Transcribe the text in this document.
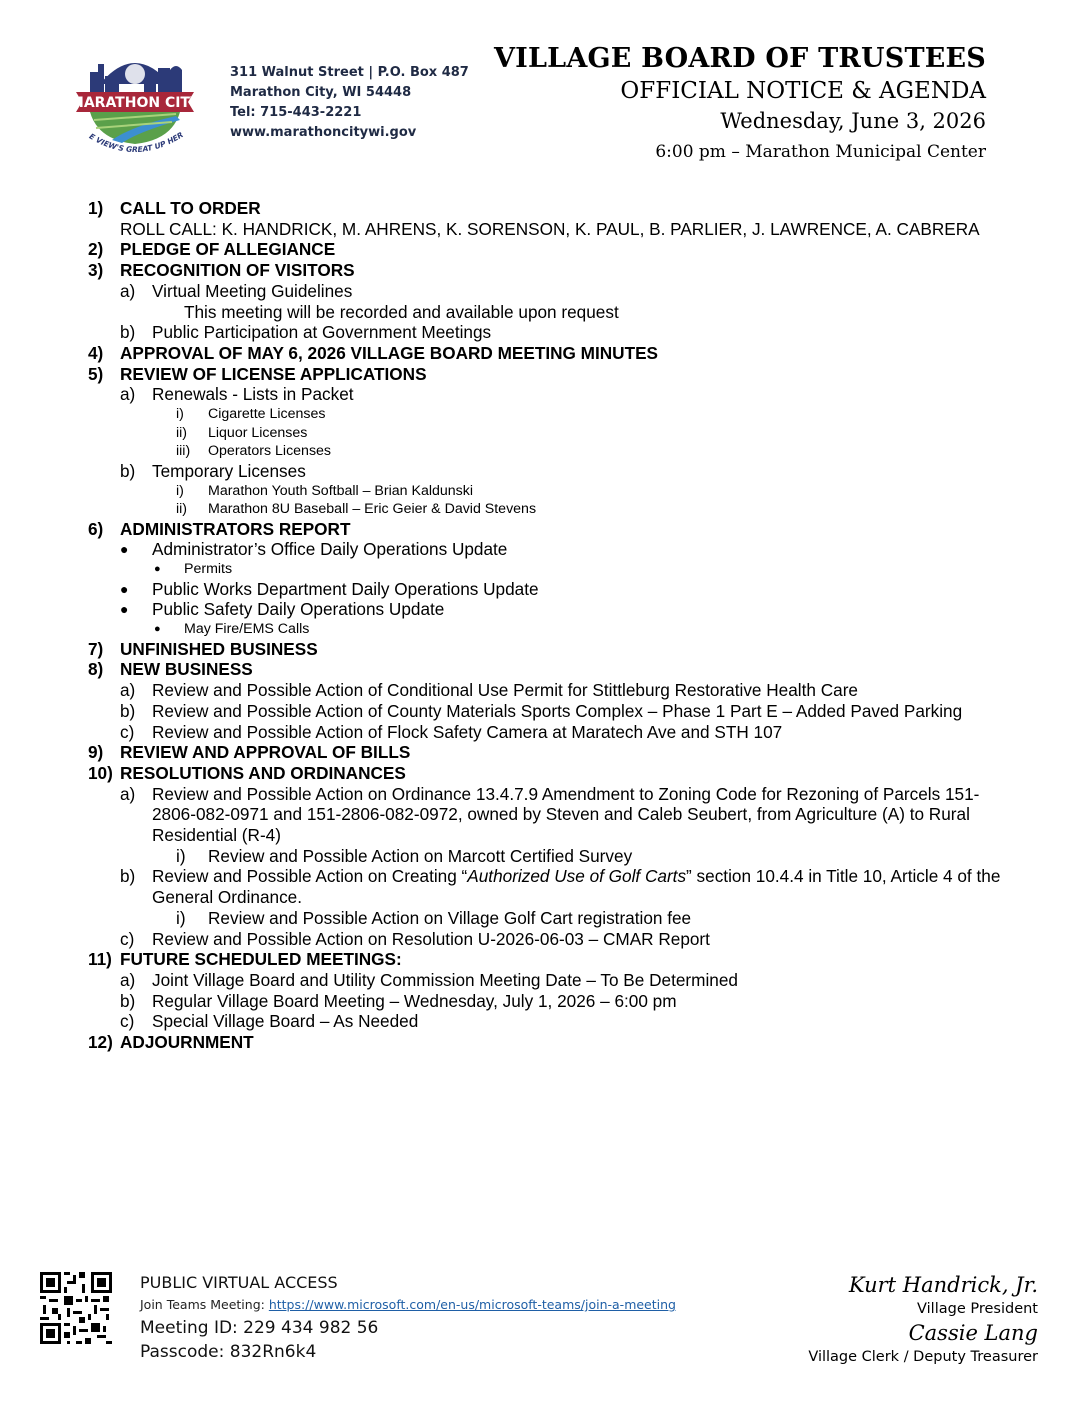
MARATHON CITY
E VIEW'S GREAT UP HER
311 Walnut Street | P.O. Box 487
Marathon City, WI 54448
Tel: 715-443-2221
www.marathoncitywi.gov
VILLAGE BOARD OF TRUSTEES
OFFICIAL NOTICE & AGENDA
Wednesday, June 3, 2026
6:00 pm – Marathon Municipal Center
1) CALL TO ORDER
ROLL CALL: K. HANDRICK, M. AHRENS, K. SORENSON, K. PAUL, B. PARLIER, J. LAWRENCE, A. CABRERA
2) PLEDGE OF ALLEGIANCE
3) RECOGNITION OF VISITORS
a) Virtual Meeting Guidelines
This meeting will be recorded and available upon request
b) Public Participation at Government Meetings
4) APPROVAL OF MAY 6, 2026 VILLAGE BOARD MEETING MINUTES
5) REVIEW OF LICENSE APPLICATIONS
a) Renewals - Lists in Packet
i) Cigarette Licenses
ii) Liquor Licenses
iii) Operators Licenses
b) Temporary Licenses
i) Marathon Youth Softball – Brian Kaldunski
ii) Marathon 8U Baseball – Eric Geier & David Stevens
6) ADMINISTRATORS REPORT
● Administrator’s Office Daily Operations Update
● Permits
● Public Works Department Daily Operations Update
● Public Safety Daily Operations Update
● May Fire/EMS Calls
7) UNFINISHED BUSINESS
8) NEW BUSINESS
a) Review and Possible Action of Conditional Use Permit for Stittleburg Restorative Health Care
b) Review and Possible Action of County Materials Sports Complex – Phase 1 Part E – Added Paved Parking
c) Review and Possible Action of Flock Safety Camera at Maratech Ave and STH 107
9) REVIEW AND APPROVAL OF BILLS
10) RESOLUTIONS AND ORDINANCES
a) Review and Possible Action on Ordinance 13.4.7.9 Amendment to Zoning Code for Rezoning of Parcels 151-2806-082-0971 and 151-2806-082-0972, owned by Steven and Caleb Seubert, from Agriculture (A) to Rural Residential (R-4)
i) Review and Possible Action on Marcott Certified Survey
b) Review and Possible Action on Creating “Authorized Use of Golf Carts” section 10.4.4 in Title 10, Article 4 of the General Ordinance.
i) Review and Possible Action on Village Golf Cart registration fee
c) Review and Possible Action on Resolution U-2026-06-03 – CMAR Report
11) FUTURE SCHEDULED MEETINGS:
a) Joint Village Board and Utility Commission Meeting Date – To Be Determined
b) Regular Village Board Meeting – Wednesday, July 1, 2026 – 6:00 pm
c) Special Village Board – As Needed
12) ADJOURNMENT
PUBLIC VIRTUAL ACCESS
Join Teams Meeting: https://www.microsoft.com/en-us/microsoft-teams/join-a-meeting
Meeting ID: 229 434 982 56
Passcode: 832Rn6k4
Kurt Handrick, Jr.
Village President
Cassie Lang
Village Clerk / Deputy Treasurer
